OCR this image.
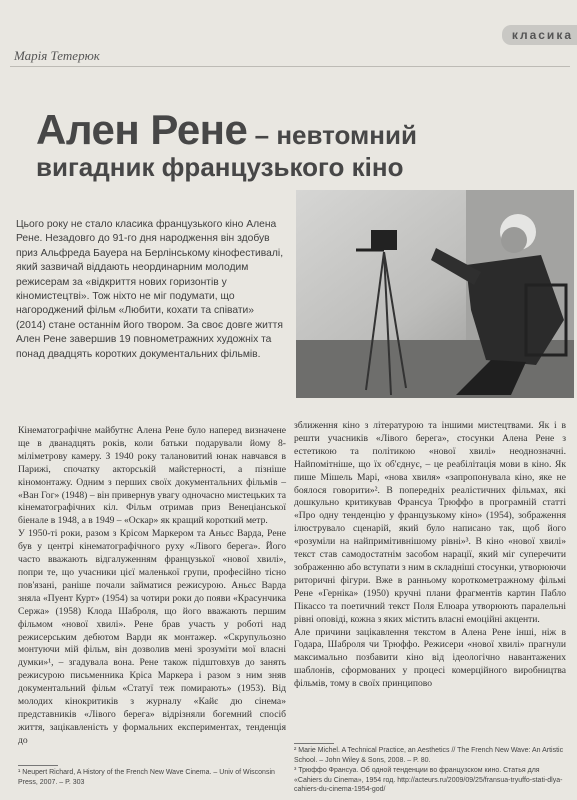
класика
Марія Тетерюк
Ален Рене – невтомний
вигадник французького кіно
Цього року не стало класика французького кіно Алена Рене. Незадовго до 91-го дня народження він здобув приз Альфреда Бауера на Берлінському кінофестивалі, який зазвичай віддають неординарним молодим режисерам за «відкриття нових горизонтів у кіномистецтві». Тож ніхто не міг подумати, що нагороджений фільм «Любити, кохати та співати» (2014) стане останнім його твором. За своє довге життя Ален Рене завершив 19 повнометражних художніх та понад двадцять коротких документальних фільмів.

Кінематографічне майбутнє Алена Рене було наперед визначене ще в дванадцять років, коли батьки подарували йому 8-міліметрову камеру. З 1940 року талановитий юнак навчався в Парижі, спочатку акторській майстерності, а пізніше кіномонтажу. Одним з перших своїх документальних фільмів – «Ван Гог» (1948) – він привернув увагу одночасно мистецьких та кінематографічних кіл. Фільм отримав приз Венеціанської біенале в 1948, а в 1949 – «Оскар» як кращий короткий метр.

У 1950-ті роки, разом з Крісом Маркером та Аньєс Вардa, Рене був у центрі кінематографічного руху «Лівого берега». Його часто вважають відгалуженням французької «нової хвилі», попри те, що учасники цієї маленької групи, професійно тісно пов'язані, раніше почали займатися режисурою. Аньєс Варда зняла «Пуент Курт» (1954) за чотири роки до появи «Красунчика Сержа» (1958) Клода Шаброля, що його вважають першим фільмом «нової хвилі». Рене брав участь у роботі над режисерським дебютом Варди як монтажер. «Скрупульозно монтуючи мій фільм, він дозволив мені зрозуміти мої власні думки»¹, – згадувала вона. Рене також підштовхув до занять режисурою письменника Кріса Маркера і разом з ним зняв документальний фільм «Статуї теж помирають» (1953). Від молодих кінокритиків з журналу «Кайє дю сінема» представників «Лівого берега» відрізняли богемний спосіб життя, зацікавленість у формальних експериментах, тенденція до

зближення кіно з літературою та іншими мистецтвами. Як і в решти учасників «Лівого берега», стосунки Алена Рене з естетикою та політикою «нової хвилі» неоднозначні. Найпомітніше, що їх об'єднує, – це реабілітація мови в кіно. Як пише Мішель Марі, «нова хвиля» «запропонувала кіно, яке не боялося говорити»². В попередніх реалістичних фільмах, які дошкульно критикував Франсуа Трюффо в програмній статті «Про одну тенденцію у французькому кіно» (1954), зображення ілюструвало сценарій, який було написано так, щоб його «розуміли на найпримітивнішому рівні»³. В кіно «нової хвилі» текст став самодостатнім засобом нарації, який міг суперечити зображенню або вступати з ним в складніші стосунки, утворюючи риторичні фігури. Вже в ранньому короткометражному фільмі Рене «Герніка» (1950) кручні плани фрагментів картин Пабло Пікассо та поетичний текст Поля Елюара утворюють паралельні рівні оповіді, кожна з яких містить власні емоційні акценти.

Але причини зацікавлення текстом в Алена Рене інші, ніж в Годара, Шаброля чи Трюффо. Режисери «нової хвилі» прагнули максимально позбавити кіно від ідеологічно навантажених шаблонів, сформованих у процесі комерційного виробництва фільмів, тому в своїх принципово

¹ Neupert Richard, A History of the French New Wave Cinema. – Univ of Wisconsin Press, 2007. – P. 303
² Marie Michel. A Technical Practice, an Aesthetics // The French New Wave: An Artistic School. – John Wiley & Sons, 2008. – P. 80.
³ Трюффо Франсуа. Об одной тенденции во французском кино. Статья для «Cahiers du Cinema», 1954 год. http://acteurs.ru/2009/09/25/fransua-tryuffo-stati-dlya-cahiers-du-cinema-1954-god/
